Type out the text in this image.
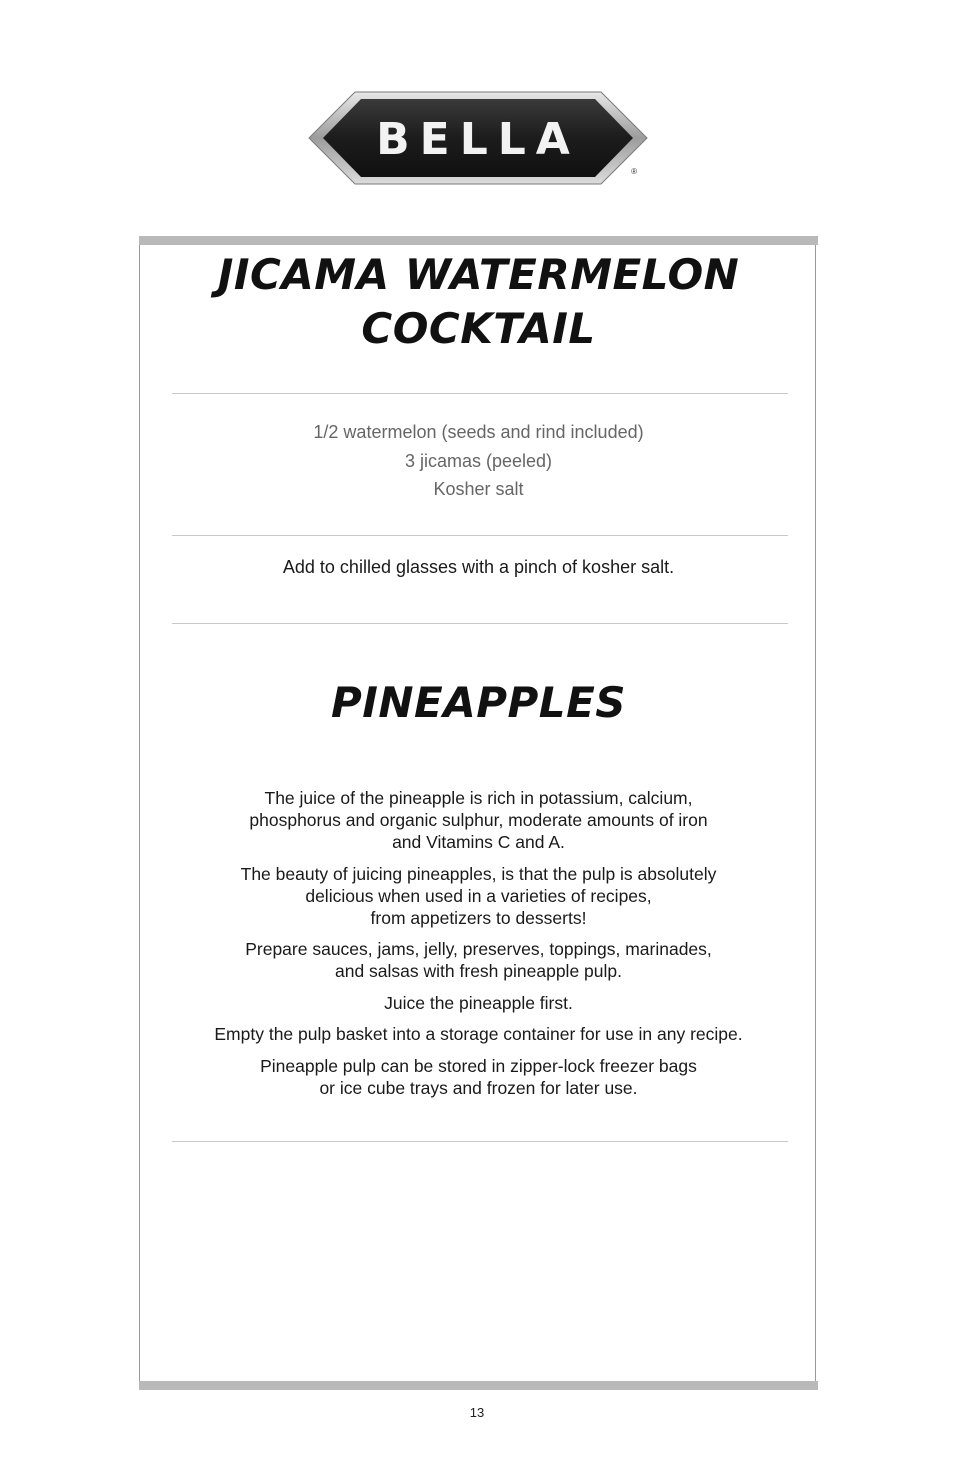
BELLA
®
JICAMA WATERMELON
COCKTAIL
1/2 watermelon (seeds and rind included)
3 jicamas (peeled)
Kosher salt
Add to chilled glasses with a pinch of kosher salt.
PINEAPPLES

The juice of the pineapple is rich in potassium, calcium,
phosphorus and organic sulphur, moderate amounts of iron
and Vitamins C and A.

The beauty of juicing pineapples, is that the pulp is absolutely
delicious when used in a varieties of recipes,
from appetizers to desserts!

Prepare sauces, jams, jelly, preserves, toppings, marinades,
and salsas with fresh pineapple pulp.

Juice the pineapple first.

Empty the pulp basket into a storage container for use in any recipe.

Pineapple pulp can be stored in zipper-lock freezer bags
or ice cube trays and frozen for later use.

13
